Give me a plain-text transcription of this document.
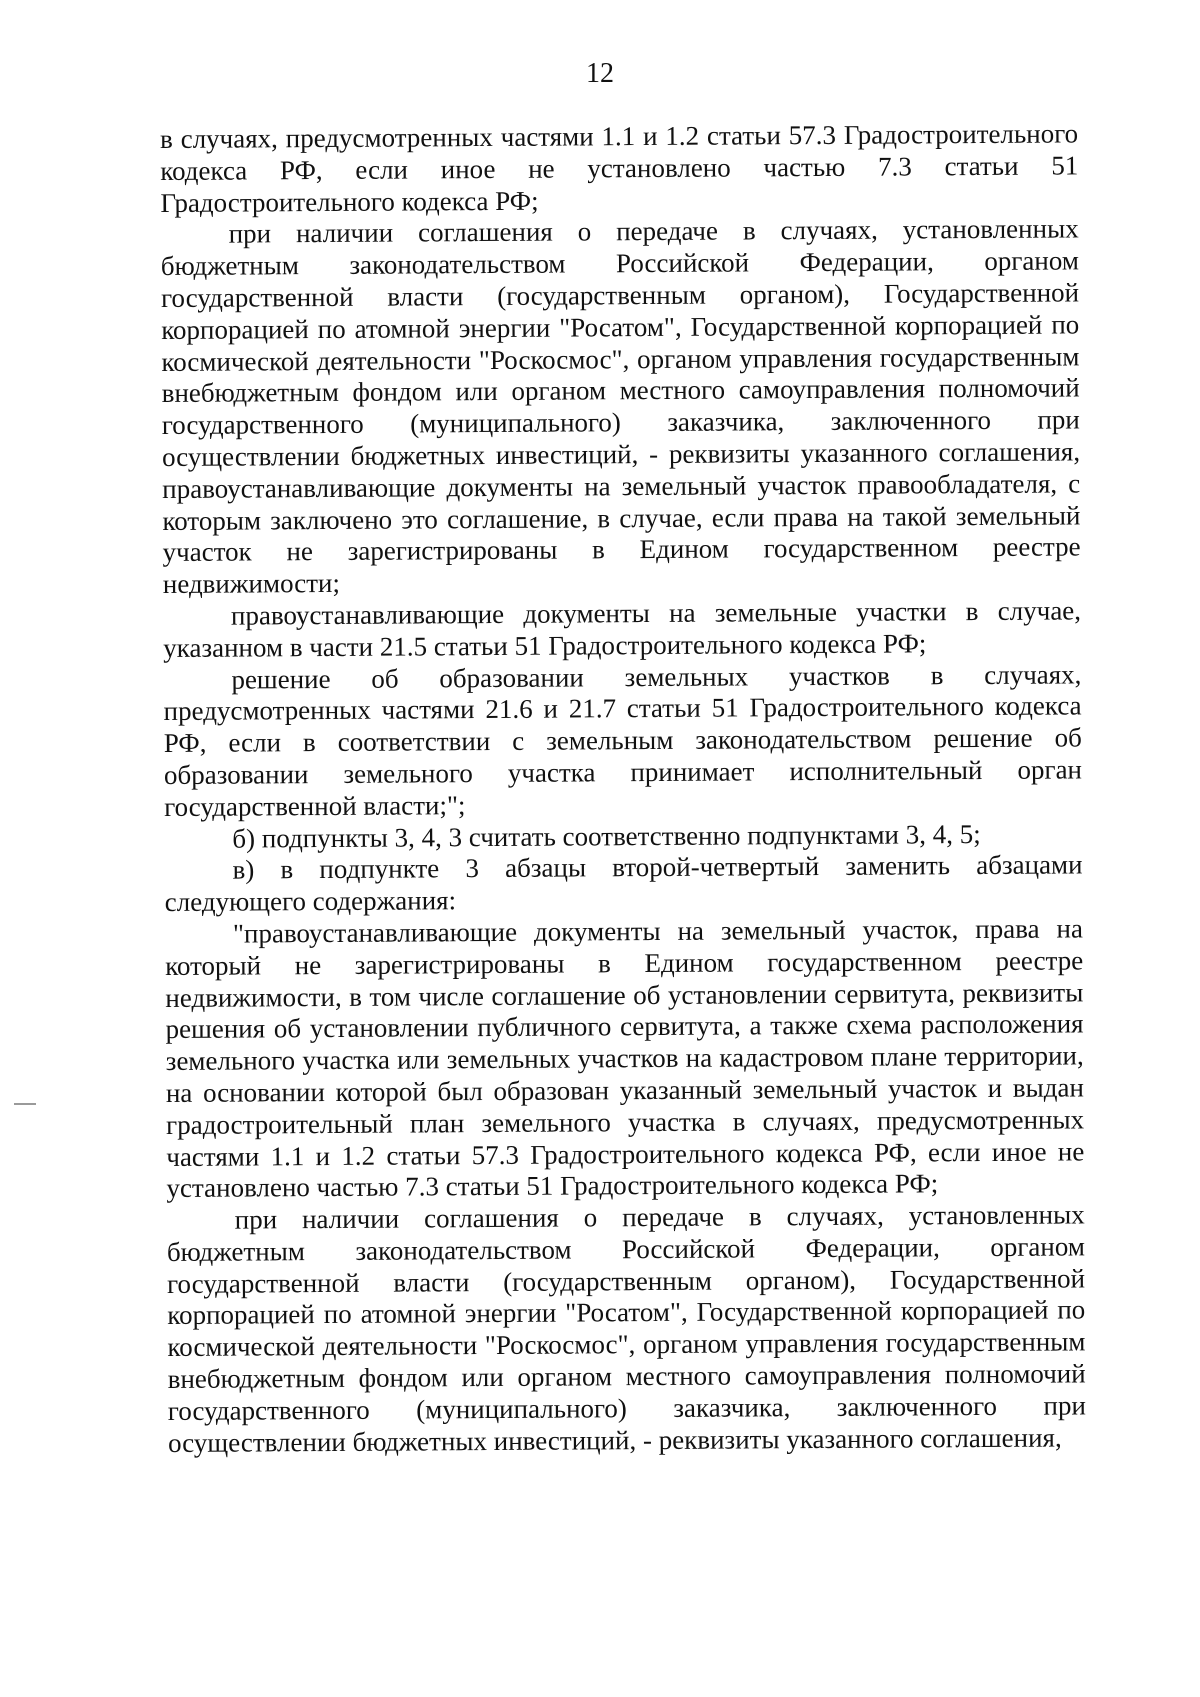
12

в случаях, предусмотренных частями 1.1 и 1.2 статьи 57.3 Градостроительного кодекса РФ, если иное не установлено частью 7.3 статьи 51 Градостроительного кодекса РФ;

при наличии соглашения о передаче в случаях, установленных бюджетным законодательством Российской Федерации, органом государственной власти (государственным органом), Государственной корпорацией по атомной энергии "Росатом", Государственной корпорацией по космической деятельности "Роскосмос", органом управления государственным внебюджетным фондом или органом местного самоуправления полномочий государственного (муниципального) заказчика, заключенного при осуществлении бюджетных инвестиций, - реквизиты указанного соглашения, правоустанавливающие документы на земельный участок правообладателя, с которым заключено это соглашение, в случае, если права на такой земельный участок не зарегистрированы в Едином государственном реестре недвижимости;

правоустанавливающие документы на земельные участки в случае, указанном в части 21.5 статьи 51 Градостроительного кодекса РФ;

решение об образовании земельных участков в случаях, предусмотренных частями 21.6 и 21.7 статьи 51 Градостроительного кодекса РФ, если в соответствии с земельным законодательством решение об образовании земельного участка принимает исполнительный орган государственной власти;";

б) подпункты 3, 4, 3 считать соответственно подпунктами 3, 4, 5;

в) в подпункте 3 абзацы второй-четвертый заменить абзацами следующего содержания:

"правоустанавливающие документы на земельный участок, права на который не зарегистрированы в Едином государственном реестре недвижимости, в том числе соглашение об установлении сервитута, реквизиты решения об установлении публичного сервитута, а также схема расположения земельного участка или земельных участков на кадастровом плане территории, на основании которой был образован указанный земельный участок и выдан градостроительный план земельного участка в случаях, предусмотренных частями 1.1 и 1.2 статьи 57.3 Градостроительного кодекса РФ, если иное не установлено частью 7.3 статьи 51 Градостроительного кодекса РФ;

при наличии соглашения о передаче в случаях, установленных бюджетным законодательством Российской Федерации, органом государственной власти (государственным органом), Государственной корпорацией по атомной энергии "Росатом", Государственной корпорацией по космической деятельности "Роскосмос", органом управления государственным внебюджетным фондом или органом местного самоуправления полномочий государственного (муниципального) заказчика, заключенного при осуществлении бюджетных инвестиций, - реквизиты указанного соглашения,
